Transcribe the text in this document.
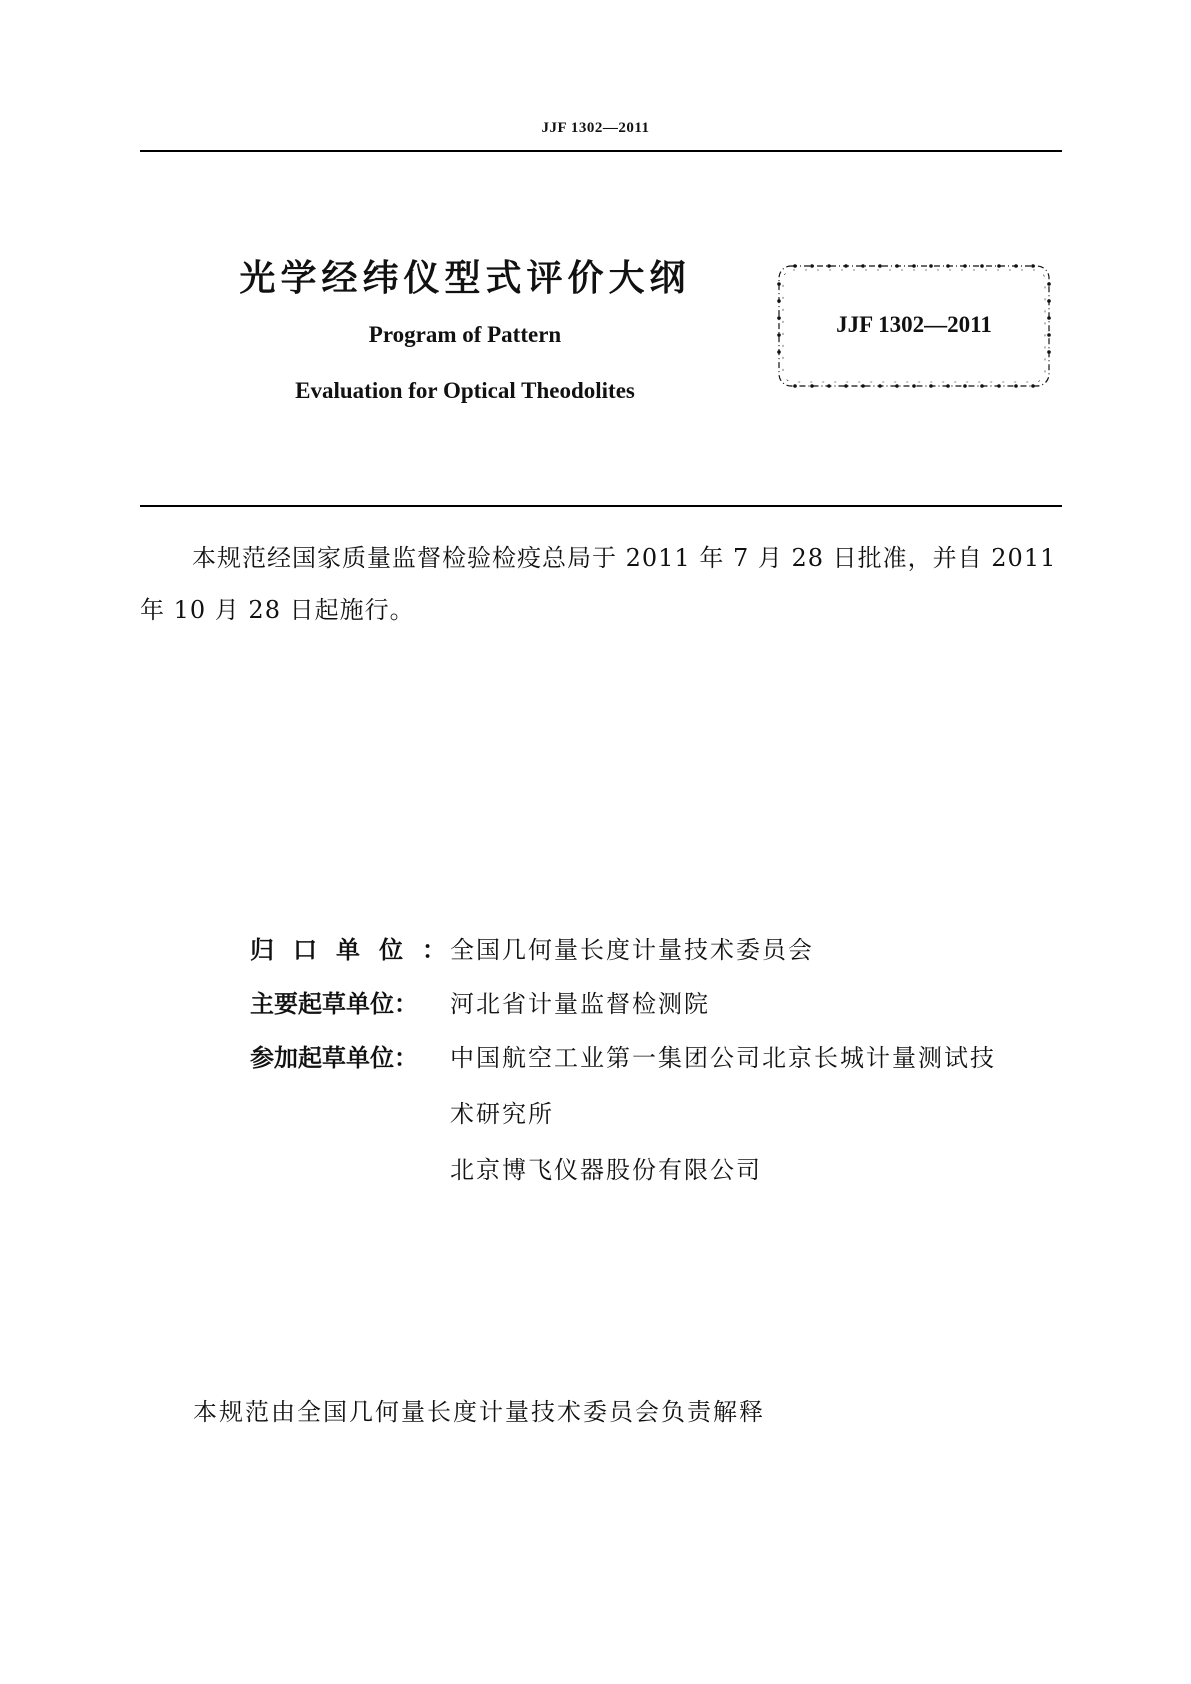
JJF 1302—2011
光学经纬仪型式评价大纲
Program of Pattern
Evaluation for Optical Theodolites
JJF 1302—2011
本规范经国家质量监督检验检疫总局于 2011 年 7 月 28 日批准，并自 2011 年 10 月 28 日起施行。
归口单位：全国几何量长度计量技术委员会
主要起草单位： 河北省计量监督检测院
参加起草单位： 中国航空工业第一集团公司北京长城计量测试技
术研究所
北京博飞仪器股份有限公司
本规范由全国几何量长度计量技术委员会负责解释
